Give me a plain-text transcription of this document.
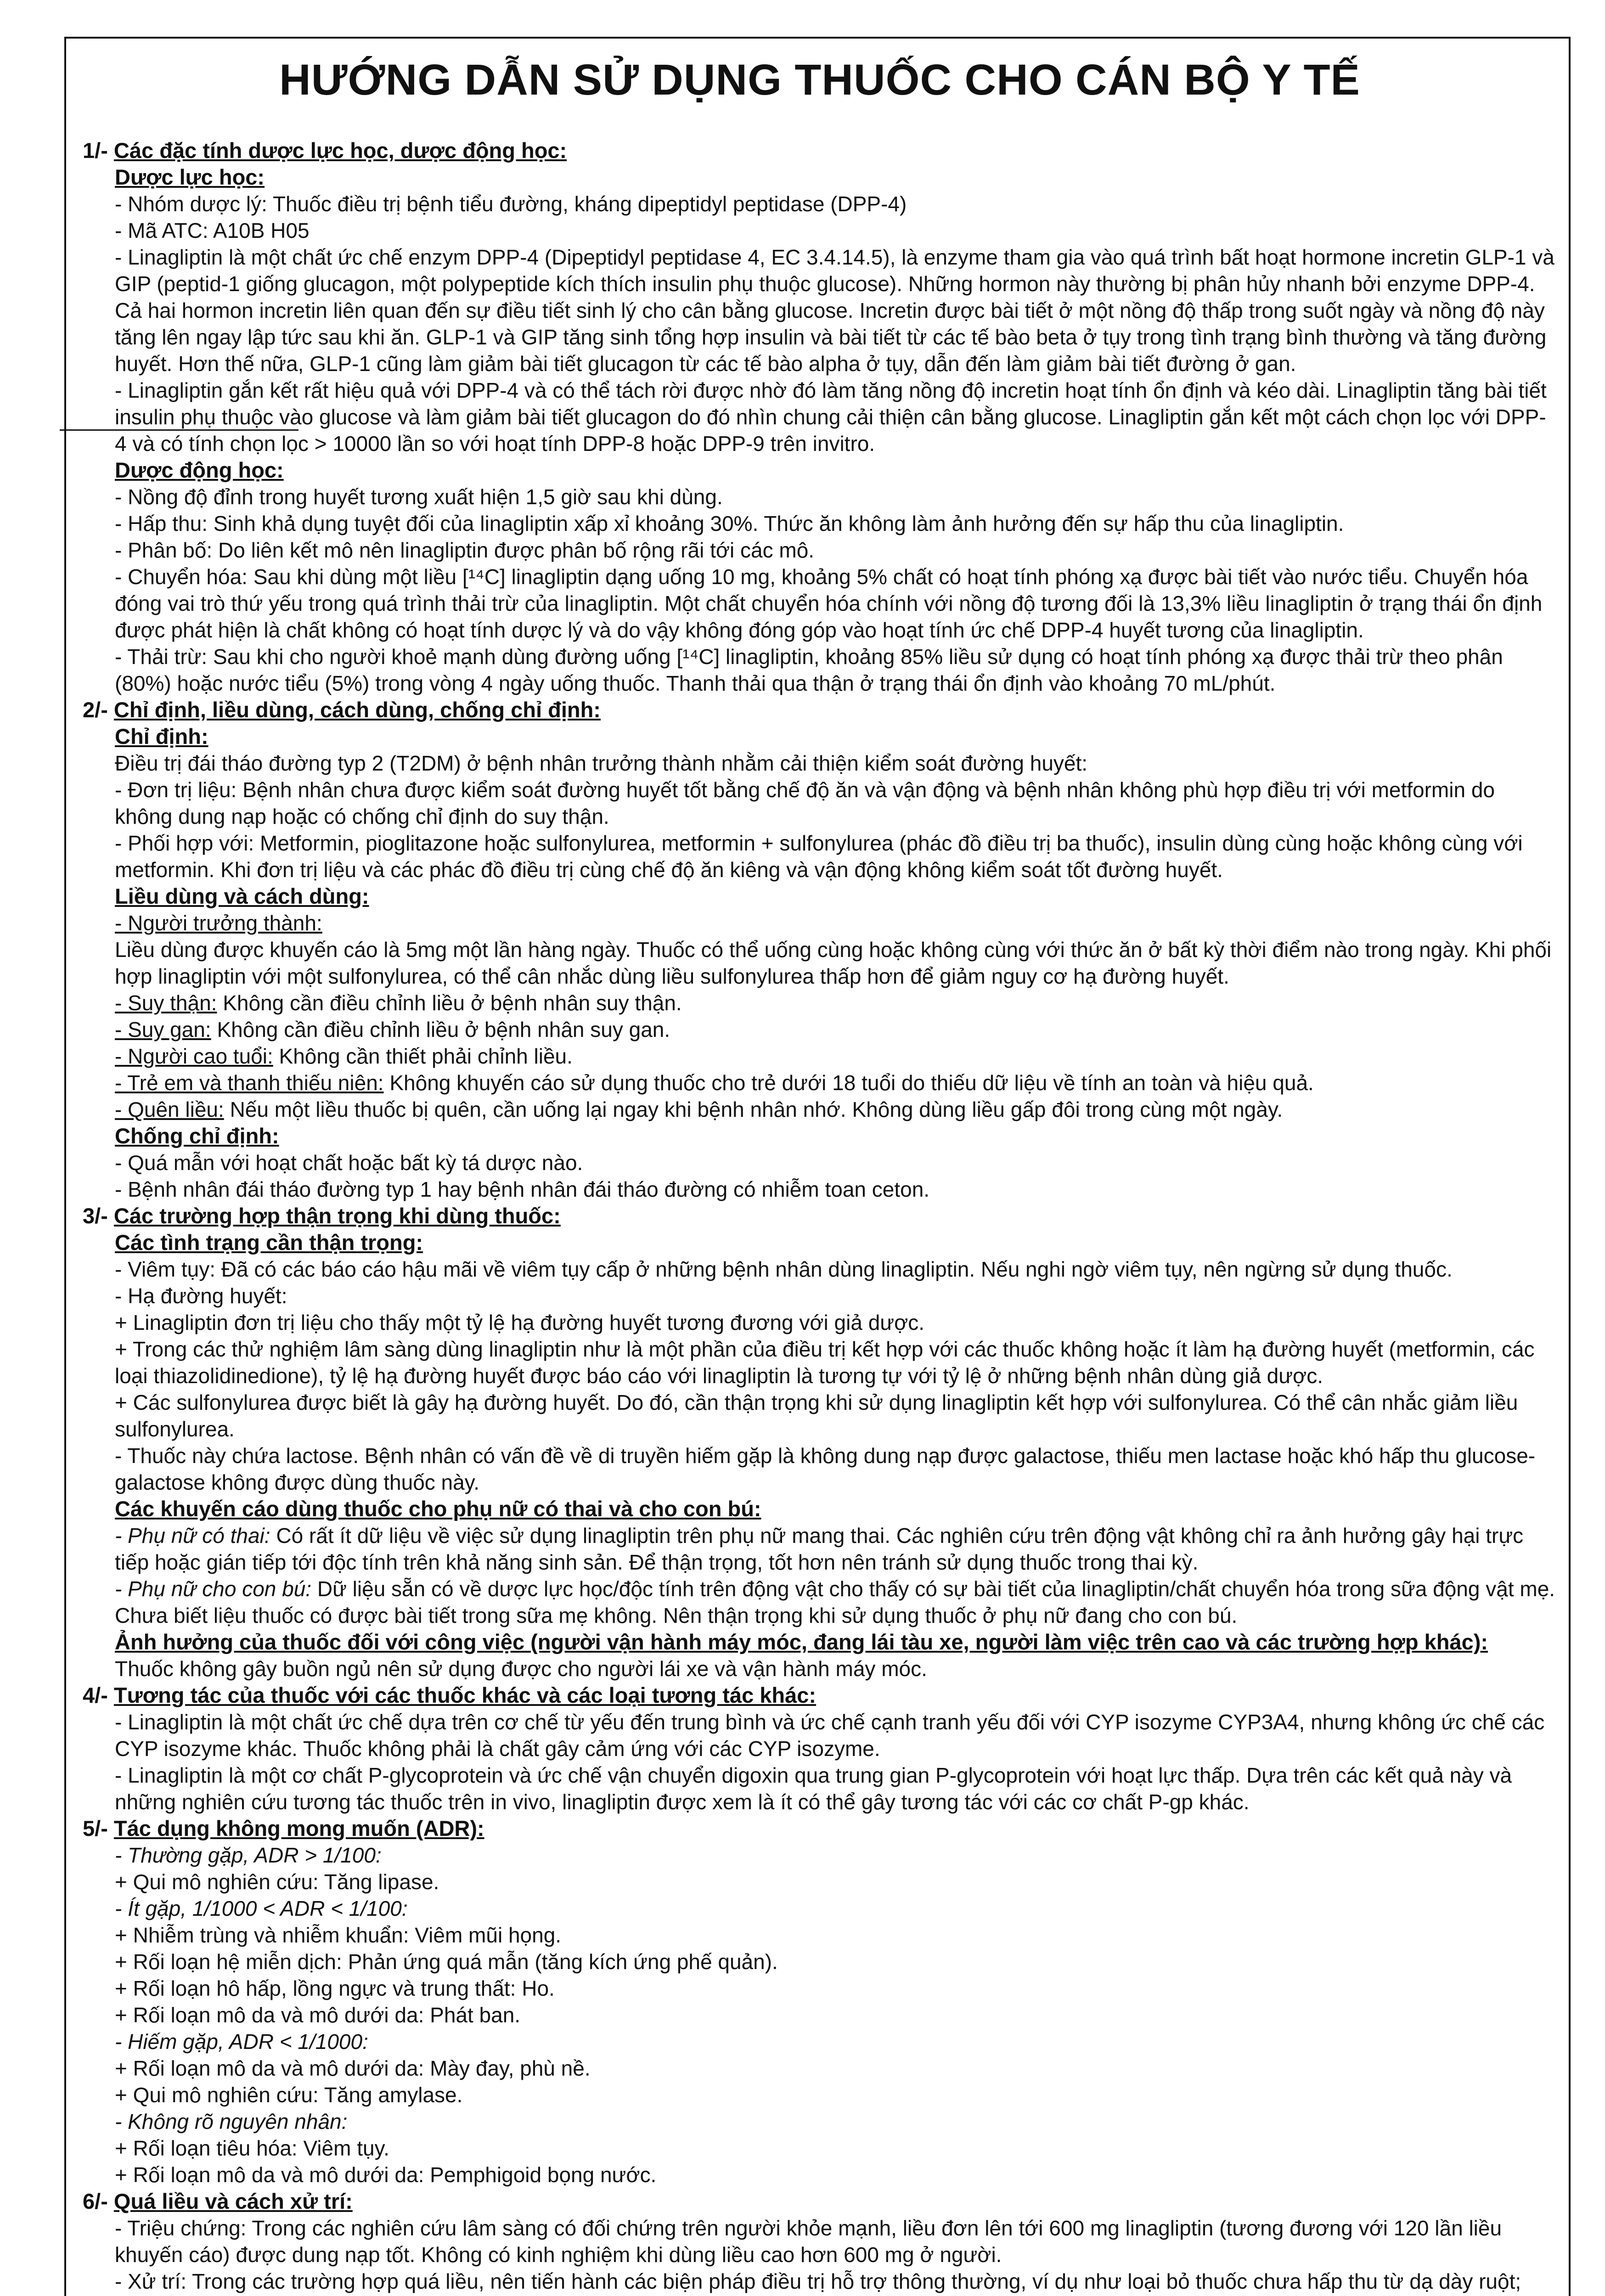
HƯỚNG DẪN SỬ DỤNG THUỐC CHO CÁN BỘ Y TẾ
1/- Các đặc tính dược lực học, dược động học:
Dược lực học:
- Nhóm dược lý: Thuốc điều trị bệnh tiểu đường, kháng dipeptidyl peptidase (DPP-4)
- Mã ATC: A10B H05
- Linagliptin là một chất ức chế enzym DPP-4 (Dipeptidyl peptidase 4, EC 3.4.14.5), là enzyme tham gia vào quá trình bất hoạt hormone incretin GLP-1 và GIP (peptid-1 giống glucagon, một polypeptide kích thích insulin phụ thuộc glucose). Những hormon này thường bị phân hủy nhanh bởi enzyme DPP-4. Cả hai hormon incretin liên quan đến sự điều tiết sinh lý cho cân bằng glucose. Incretin được bài tiết ở một nồng độ thấp trong suốt ngày và nồng độ này tăng lên ngay lập tức sau khi ăn. GLP-1 và GIP tăng sinh tổng hợp insulin và bài tiết từ các tế bào beta ở tụy trong tình trạng bình thường và tăng đường huyết. Hơn thế nữa, GLP-1 cũng làm giảm bài tiết glucagon từ các tế bào alpha ở tụy, dẫn đến làm giảm bài tiết đường ở gan.
- Linagliptin gắn kết rất hiệu quả với DPP-4 và có thể tách rời được nhờ đó làm tăng nồng độ incretin hoạt tính ổn định và kéo dài. Linagliptin tăng bài tiết insulin phụ thuộc vào glucose và làm giảm bài tiết glucagon do đó nhìn chung cải thiện cân bằng glucose. Linagliptin gắn kết một cách chọn lọc với DPP-4 và có tính chọn lọc > 10000 lần so với hoạt tính DPP-8 hoặc DPP-9 trên invitro.
Dược động học:
- Nồng độ đỉnh trong huyết tương xuất hiện 1,5 giờ sau khi dùng.
- Hấp thu: Sinh khả dụng tuyệt đối của linagliptin xấp xỉ khoảng 30%. Thức ăn không làm ảnh hưởng đến sự hấp thu của linagliptin.
- Phân bố: Do liên kết mô nên linagliptin được phân bố rộng rãi tới các mô.
- Chuyển hóa: Sau khi dùng một liều [¹⁴C] linagliptin dạng uống 10 mg, khoảng 5% chất có hoạt tính phóng xạ được bài tiết vào nước tiểu. Chuyển hóa đóng vai trò thứ yếu trong quá trình thải trừ của linagliptin. Một chất chuyển hóa chính với nồng độ tương đối là 13,3% liều linagliptin ở trạng thái ổn định được phát hiện là chất không có hoạt tính dược lý và do vậy không đóng góp vào hoạt tính ức chế DPP-4 huyết tương của linagliptin.
- Thải trừ: Sau khi cho người khoẻ mạnh dùng đường uống [¹⁴C] linagliptin, khoảng 85% liều sử dụng có hoạt tính phóng xạ được thải trừ theo phân (80%) hoặc nước tiểu (5%) trong vòng 4 ngày uống thuốc. Thanh thải qua thận ở trạng thái ổn định vào khoảng 70 mL/phút.
2/- Chỉ định, liều dùng, cách dùng, chống chỉ định:
Chỉ định:
Điều trị đái tháo đường typ 2 (T2DM) ở bệnh nhân trưởng thành nhằm cải thiện kiểm soát đường huyết:
- Đơn trị liệu: Bệnh nhân chưa được kiểm soát đường huyết tốt bằng chế độ ăn và vận động và bệnh nhân không phù hợp điều trị với metformin do không dung nạp hoặc có chống chỉ định do suy thận.
- Phối hợp với: Metformin, pioglitazone hoặc sulfonylurea, metformin + sulfonylurea (phác đồ điều trị ba thuốc), insulin dùng cùng hoặc không cùng với metformin. Khi đơn trị liệu và các phác đồ điều trị cùng chế độ ăn kiêng và vận động không kiểm soát tốt đường huyết.
Liều dùng và cách dùng:
- Người trưởng thành:
Liều dùng được khuyến cáo là 5mg một lần hàng ngày. Thuốc có thể uống cùng hoặc không cùng với thức ăn ở bất kỳ thời điểm nào trong ngày. Khi phối hợp linagliptin với một sulfonylurea, có thể cân nhắc dùng liều sulfonylurea thấp hơn để giảm nguy cơ hạ đường huyết.
- Suy thận: Không cần điều chỉnh liều ở bệnh nhân suy thận.
- Suy gan: Không cần điều chỉnh liều ở bệnh nhân suy gan.
- Người cao tuổi: Không cần thiết phải chỉnh liều.
- Trẻ em và thanh thiếu niên: Không khuyến cáo sử dụng thuốc cho trẻ dưới 18 tuổi do thiếu dữ liệu về tính an toàn và hiệu quả.
- Quên liều: Nếu một liều thuốc bị quên, cần uống lại ngay khi bệnh nhân nhớ. Không dùng liều gấp đôi trong cùng một ngày.
Chống chỉ định:
- Quá mẫn với hoạt chất hoặc bất kỳ tá dược nào.
- Bệnh nhân đái tháo đường typ 1 hay bệnh nhân đái tháo đường có nhiễm toan ceton.
3/- Các trường hợp thận trọng khi dùng thuốc:
Các tình trạng cần thận trọng:
- Viêm tụy: Đã có các báo cáo hậu mãi về viêm tụy cấp ở những bệnh nhân dùng linagliptin. Nếu nghi ngờ viêm tụy, nên ngừng sử dụng thuốc.
- Hạ đường huyết:
+ Linagliptin đơn trị liệu cho thấy một tỷ lệ hạ đường huyết tương đương với giả dược.
+ Trong các thử nghiệm lâm sàng dùng linagliptin như là một phần của điều trị kết hợp với các thuốc không hoặc ít làm hạ đường huyết (metformin, các loại thiazolidinedione), tỷ lệ hạ đường huyết được báo cáo với linagliptin là tương tự với tỷ lệ ở những bệnh nhân dùng giả dược.
+ Các sulfonylurea được biết là gây hạ đường huyết. Do đó, cần thận trọng khi sử dụng linagliptin kết hợp với sulfonylurea. Có thể cân nhắc giảm liều sulfonylurea.
- Thuốc này chứa lactose. Bệnh nhân có vấn đề về di truyền hiếm gặp là không dung nạp được galactose, thiếu men lactase hoặc khó hấp thu glucose-galactose không được dùng thuốc này.
Các khuyến cáo dùng thuốc cho phụ nữ có thai và cho con bú:
- Phụ nữ có thai: Có rất ít dữ liệu về việc sử dụng linagliptin trên phụ nữ mang thai. Các nghiên cứu trên động vật không chỉ ra ảnh hưởng gây hại trực tiếp hoặc gián tiếp tới độc tính trên khả năng sinh sản. Để thận trọng, tốt hơn nên tránh sử dụng thuốc trong thai kỳ.
- Phụ nữ cho con bú: Dữ liệu sẵn có về dược lực học/độc tính trên động vật cho thấy có sự bài tiết của linagliptin/chất chuyển hóa trong sữa động vật mẹ. Chưa biết liệu thuốc có được bài tiết trong sữa mẹ không. Nên thận trọng khi sử dụng thuốc ở phụ nữ đang cho con bú.
Ảnh hưởng của thuốc đối với công việc (người vận hành máy móc, đang lái tàu xe, người làm việc trên cao và các trường hợp khác):
Thuốc không gây buồn ngủ nên sử dụng được cho người lái xe và vận hành máy móc.
4/- Tương tác của thuốc với các thuốc khác và các loại tương tác khác:
- Linagliptin là một chất ức chế dựa trên cơ chế từ yếu đến trung bình và ức chế cạnh tranh yếu đối với CYP isozyme CYP3A4, nhưng không ức chế các CYP isozyme khác. Thuốc không phải là chất gây cảm ứng với các CYP isozyme.
- Linagliptin là một cơ chất P-glycoprotein và ức chế vận chuyển digoxin qua trung gian P-glycoprotein với hoạt lực thấp. Dựa trên các kết quả này và những nghiên cứu tương tác thuốc trên in vivo, linagliptin được xem là ít có thể gây tương tác với các cơ chất P-gp khác.
5/- Tác dụng không mong muốn (ADR):
- Thường gặp, ADR > 1/100:
+ Qui mô nghiên cứu: Tăng lipase.
- Ít gặp, 1/1000 < ADR < 1/100:
+ Nhiễm trùng và nhiễm khuẩn: Viêm mũi họng.
+ Rối loạn hệ miễn dịch: Phản ứng quá mẫn (tăng kích ứng phế quản).
+ Rối loạn hô hấp, lồng ngực và trung thất: Ho.
+ Rối loạn mô da và mô dưới da: Phát ban.
- Hiếm gặp, ADR < 1/1000:
+ Rối loạn mô da và mô dưới da: Mày đay, phù nề.
+ Qui mô nghiên cứu: Tăng amylase.
- Không rõ nguyên nhân:
+ Rối loạn tiêu hóa: Viêm tụy.
+ Rối loạn mô da và mô dưới da: Pemphigoid bọng nước.
6/- Quá liều và cách xử trí:
- Triệu chứng: Trong các nghiên cứu lâm sàng có đối chứng trên người khỏe mạnh, liều đơn lên tới 600 mg linagliptin (tương đương với 120 lần liều khuyến cáo) được dung nạp tốt. Không có kinh nghiệm khi dùng liều cao hơn 600 mg ở người.
- Xử trí: Trong các trường hợp quá liều, nên tiến hành các biện pháp điều trị hỗ trợ thông thường, ví dụ như loại bỏ thuốc chưa hấp thu từ dạ dày ruột;
